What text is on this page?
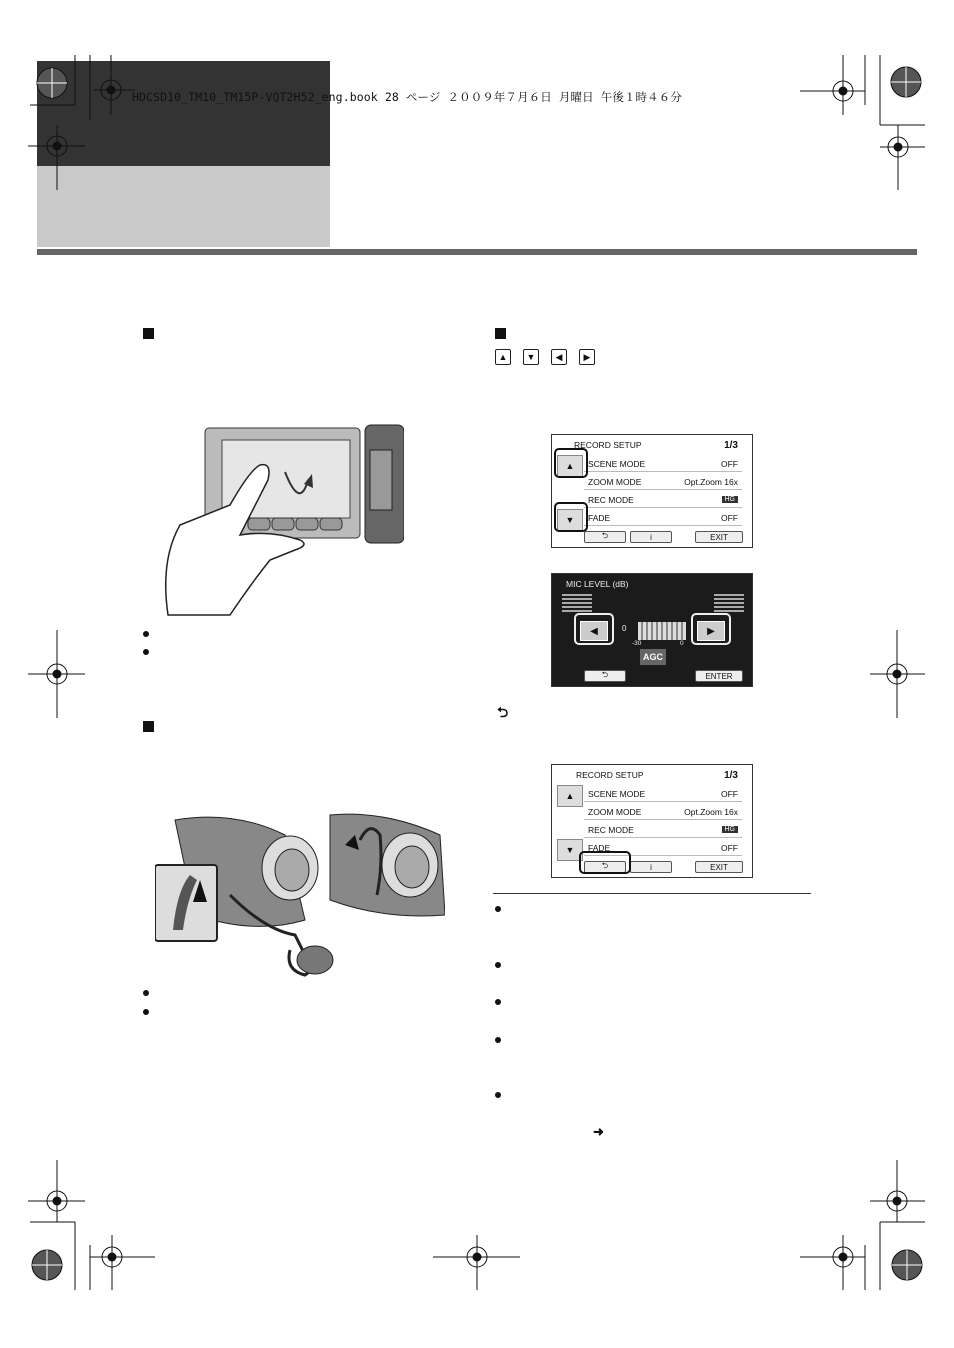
HDCSD10_TM10_TM15P-VQT2H52_eng.book 28 ページ ２００９年７月６日 月曜日 午後１時４６分
▲	▼	◀	▶
RECORD SETUP	1/3
▲
▼
SCENE MODE	OFF
ZOOM MODE	Opt.Zoom 16x
REC MODE	HG
FADE	OFF
⮌	i	EXIT
MIC LEVEL (dB)
◀	▶
0
-30	0
AGC
⮌	ENTER
⮌
RECORD SETUP	1/3
▲
▼
SCENE MODE	OFF
ZOOM MODE	Opt.Zoom 16x
REC MODE	HG
FADE	OFF
⮌	i	EXIT
➜
